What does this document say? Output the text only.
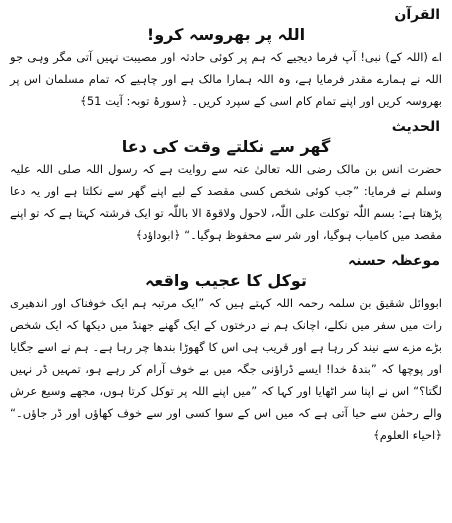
القرآن
اللہ پر بھروسہ کرو!

اے (اللہ کے) نبی! آپ فرما دیجیے کہ ہم پر کوئی حادثہ اور مصیبت نہیں آتی مگر وہی جو اللہ نے ہمارے مقدر فرمایا ہے، وہ اللہ ہمارا مالک ہے اور چاہیے کہ تمام مسلمان اس پر بھروسہ کریں اور اپنے تمام کام اسی کے سپرد کریں۔ ﴿سورۂ توبہ: آیت 51﴾

الحدیث
گھر سے نکلتے وقت کی دعا

حضرت انس بن مالک رضی اللہ تعالیٰ عنہ سے روایت ہے کہ رسول اللہ صلی اللہ علیہ وسلم نے فرمایا: ”جب کوئی شخص کسی مقصد کے لیے اپنے گھر سے نکلتا ہے اور یہ دعا پڑھتا ہے: بسم اللّٰہ توکلت علی اللّٰہ، لاحول ولاقوۃ الا باللّٰہ تو ایک فرشتہ کہتا ہے کہ تو اپنے مقصد میں کامیاب ہوگیا، اور شر سے محفوظ ہوگیا۔“ ﴿ابوداؤد﴾

موعظہ حسنہ
توکل کا عجیب واقعہ

ابووائل شقیق بن سلمہ رحمہ اللہ کہتے ہیں کہ ”ایک مرتبہ ہم ایک خوفناک اور اندھیری رات میں سفر میں نکلے، اچانک ہم نے درختوں کے ایک گھنے جھنڈ میں دیکھا کہ ایک شخص بڑے مزے سے نیند کر رہا ہے اور قریب ہی اس کا گھوڑا بندھا چر رہا ہے۔ ہم نے اسے جگایا اور پوچھا کہ ”بندۂ خدا! ایسے ڈراؤنی جگہ میں بے خوف آرام کر رہے ہو، تمہیں ڈر نہیں لگتا؟“ اس نے اپنا سر اٹھایا اور کہا کہ ”میں اپنے اللہ پر توکل کرتا ہوں، مجھے وسیع عرش والے رحمٰن سے حیا آتی ہے کہ میں اس کے سوا کسی اور سے خوف کھاؤں اور ڈر جاؤں۔“ ﴿احیاء العلوم﴾
